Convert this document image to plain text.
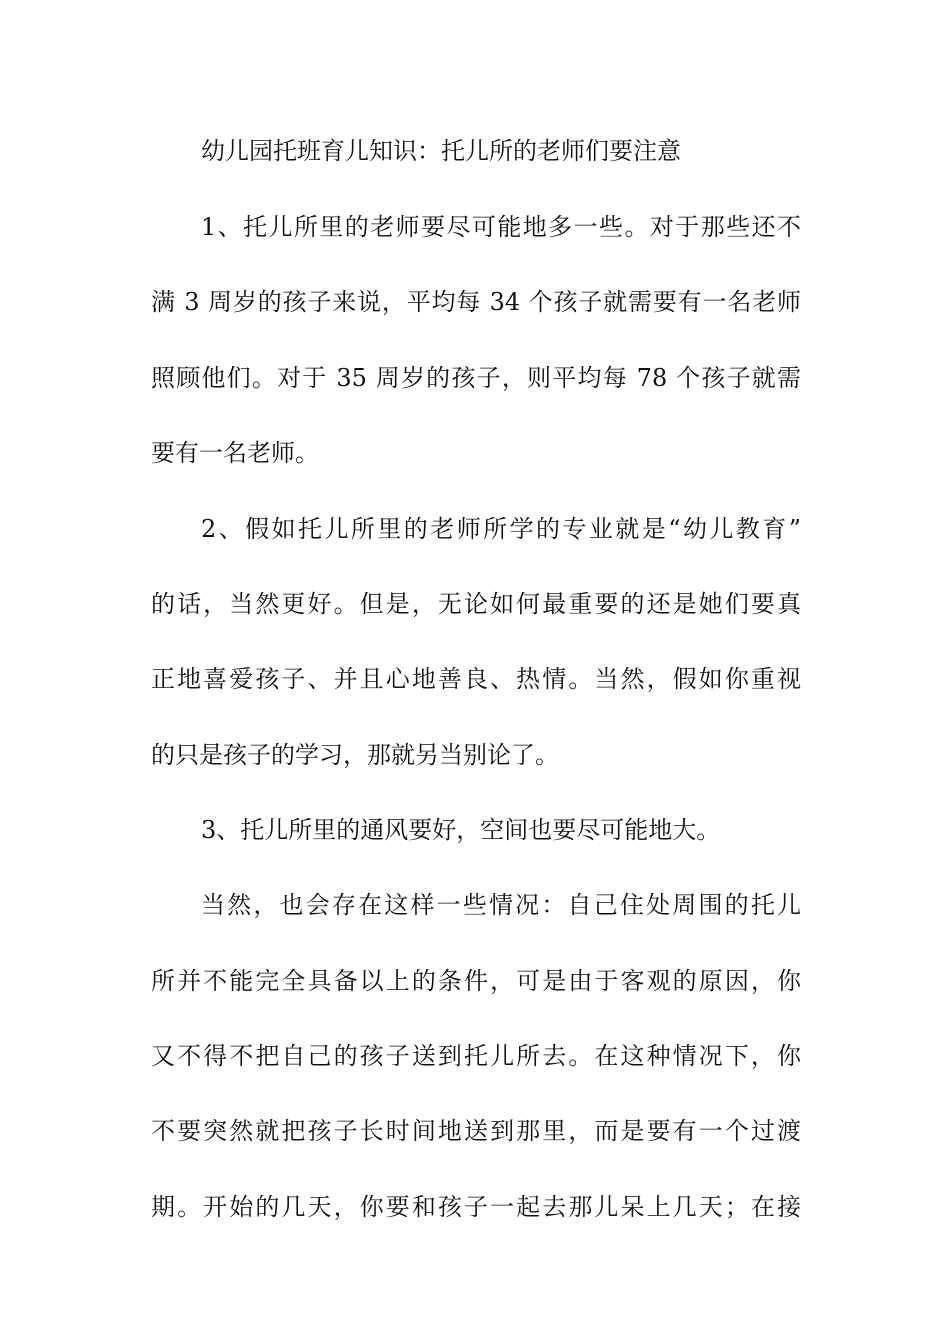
幼儿园托班育儿知识：托儿所的老师们要注意
1、托儿所里的老师要尽可能地多一些。对于那些还不
满 3 周岁的孩子来说，平均每 34 个孩子就需要有一名老师
照顾他们。对于 35 周岁的孩子，则平均每 78 个孩子就需
要有一名老师。
2、假如托儿所里的老师所学的专业就是“幼儿教育”
的话，当然更好。但是，无论如何最重要的还是她们要真
正地喜爱孩子、并且心地善良、热情。当然，假如你重视
的只是孩子的学习，那就另当别论了。
3、托儿所里的通风要好，空间也要尽可能地大。
当然，也会存在这样一些情况：自己住处周围的托儿
所并不能完全具备以上的条件，可是由于客观的原因，你
又不得不把自己的孩子送到托儿所去。在这种情况下，你
不要突然就把孩子长时间地送到那里，而是要有一个过渡
期。开始的几天，你要和孩子一起去那儿呆上几天；在接
